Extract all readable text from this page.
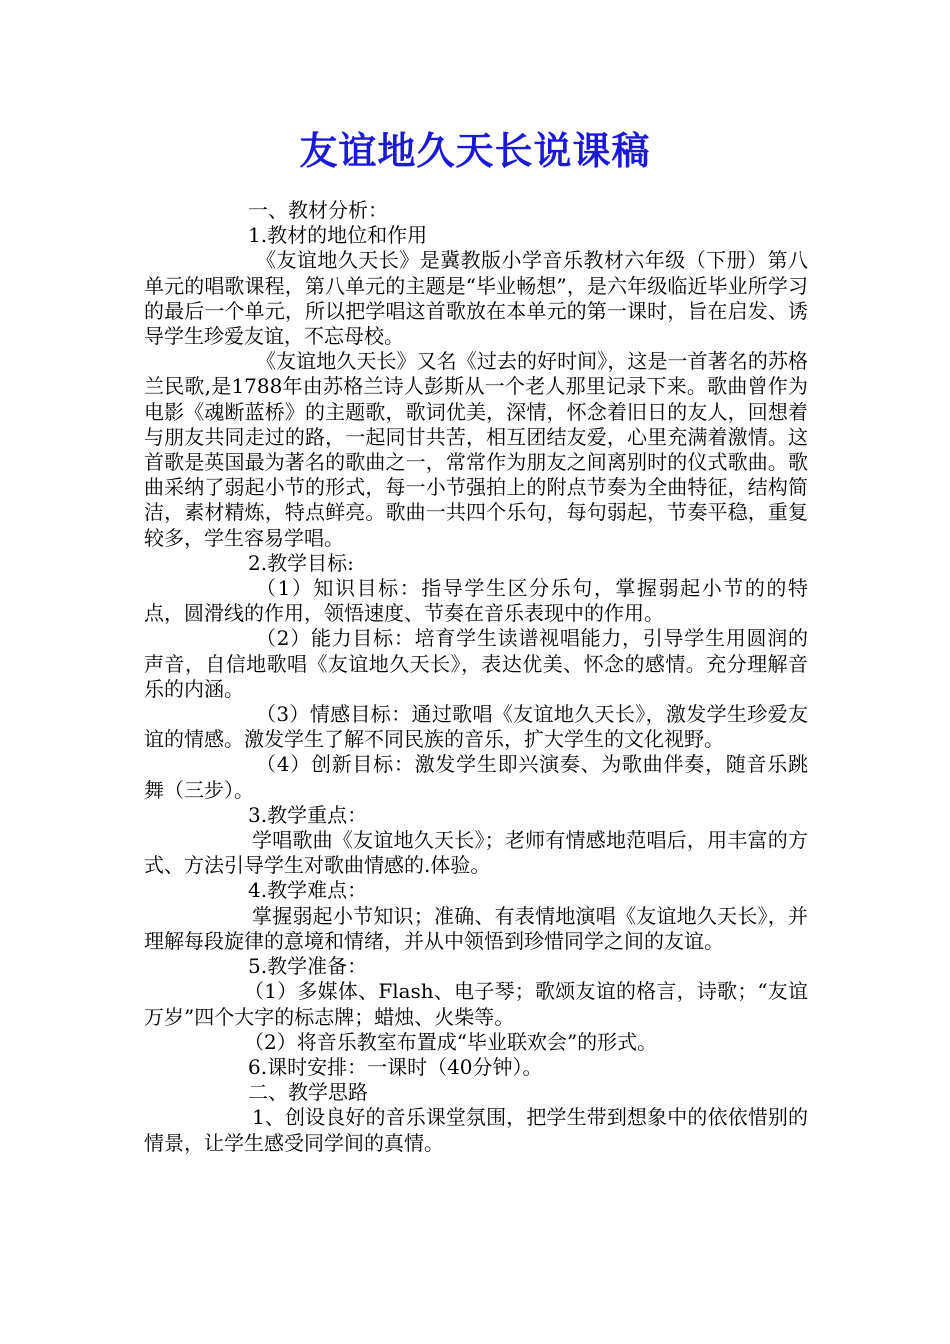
友谊地久天长说课稿

一、教材分析：

1.教材的地位和作用

《友谊地久天长》是冀教版小学音乐教材六年级（下册）第八单元的唱歌课程，第八单元的主题是“毕业畅想”，是六年级临近毕业所学习的最后一个单元，所以把学唱这首歌放在本单元的第一课时，旨在启发、诱导学生珍爱友谊，不忘母校。

《友谊地久天长》又名《过去的好时间》，这是一首著名的苏格兰民歌,是1788年由苏格兰诗人彭斯从一个老人那里记录下来。歌曲曾作为电影《魂断蓝桥》的主题歌，歌词优美，深情，怀念着旧日的友人，回想着与朋友共同走过的路，一起同甘共苦，相互团结友爱，心里充满着激情。这首歌是英国最为著名的歌曲之一，常常作为朋友之间离别时的仪式歌曲。歌曲采纳了弱起小节的形式，每一小节强拍上的附点节奏为全曲特征，结构简洁，素材精炼，特点鲜亮。歌曲一共四个乐句，每句弱起，节奏平稳，重复较多，学生容易学唱。

2.教学目标:

（1）知识目标：指导学生区分乐句，掌握弱起小节的的特点，圆滑线的作用，领悟速度、节奏在音乐表现中的作用。

（2）能力目标：培育学生读谱视唱能力，引导学生用圆润的声音，自信地歌唱《友谊地久天长》，表达优美、怀念的感情。充分理解音乐的内涵。

（3）情感目标：通过歌唱《友谊地久天长》，激发学生珍爱友谊的情感。激发学生了解不同民族的音乐，扩大学生的文化视野。

（4）创新目标：激发学生即兴演奏、为歌曲伴奏，随音乐跳舞（三步）。

3.教学重点：

学唱歌曲《友谊地久天长》；老师有情感地范唱后，用丰富的方式、方法引导学生对歌曲情感的.体验。

4.教学难点：

掌握弱起小节知识；准确、有表情地演唱《友谊地久天长》，并理解每段旋律的意境和情绪，并从中领悟到珍惜同学之间的友谊。

5.教学准备：

（1）多媒体、Flash、电子琴；歌颂友谊的格言，诗歌；“友谊万岁”四个大字的标志牌；蜡烛、火柴等。

（2）将音乐教室布置成“毕业联欢会”的形式。

6.课时安排：一课时（40分钟）。

二、教学思路

1、创设良好的音乐课堂氛围，把学生带到想象中的依依惜别的情景，让学生感受同学间的真情。
